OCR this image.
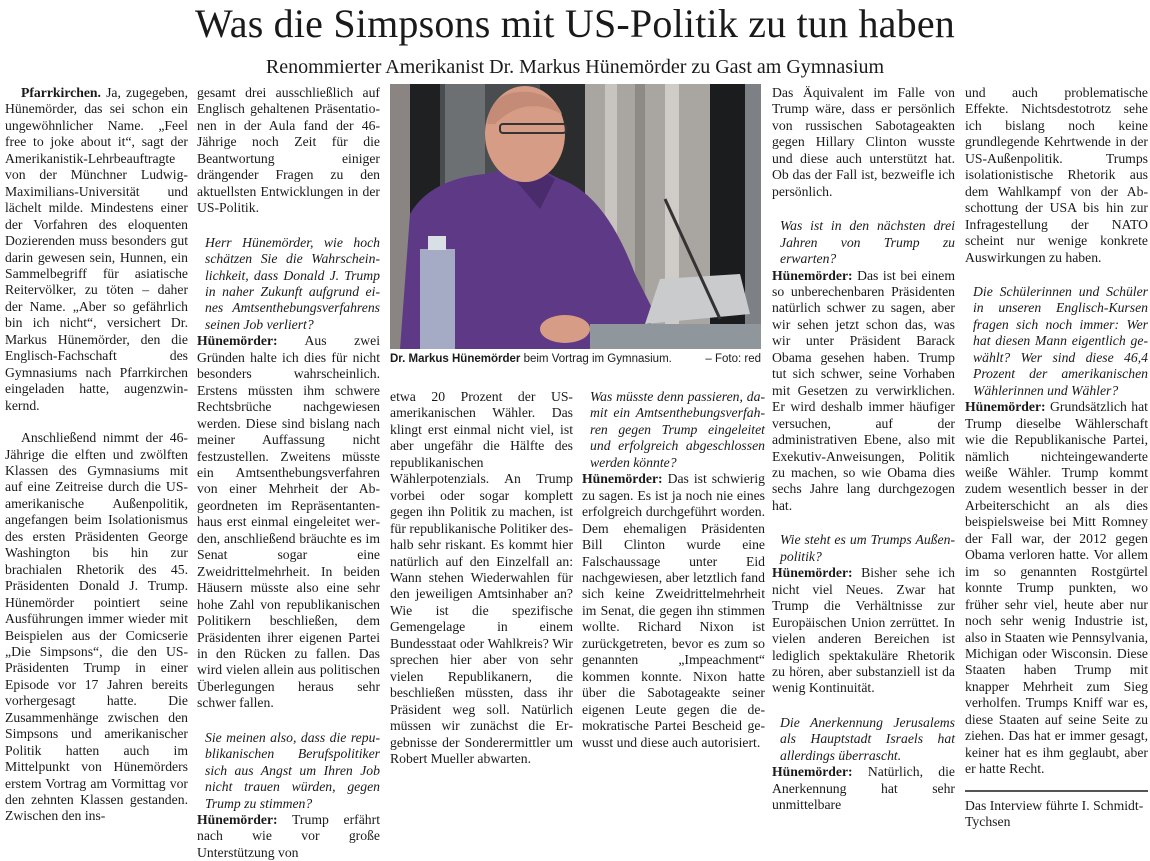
Was die Simpsons mit US-Politik zu tun haben
Renommierter Amerikanist Dr. Markus Hünemörder zu Gast am Gymnasium

Pfarrkirchen. Ja, zugegeben, Hünemörder, das sei schon ein ungewöhnlicher Name. „Feel free to joke about it“, sagt der Amerikanistik-Lehrbeauftragte von der Münchner Ludwig-Maximilians-Universität und lächelt milde. Mindestens einer der Vorfahren des eloquenten Dozierenden muss besonders gut darin gewesen sein, Hunnen, ein Sammelbegriff für asiatische Reitervölker, zu töten – daher der Name. „Aber so gefährlich bin ich nicht“, versichert Dr. Markus Hünemörder, den die Englisch-Fachschaft des Gymnasiums nach Pfarrkirchen eingeladen hatte, augenzwinkernd.

Anschließend nimmt der 46-Jährige die elften und zwölften Klassen des Gymnasiums mit auf eine Zeitreise durch die US-amerikanische Außenpolitik, angefangen beim Isolationismus des ersten Präsidenten George Washington bis hin zur brachialen Rhetorik des 45. Präsidenten Donald J. Trump. Hünemörder pointiert seine Ausführungen immer wieder mit Beispielen aus der Comicserie „Die Simpsons“, die den US-Präsidenten Trump in einer Episode vor 17 Jahren bereits vorhergesagt hatte. Die Zusammenhänge zwischen den Simpsons und amerikanischer Politik hatten auch im Mittelpunkt von Hünemörders erstem Vortrag am Vormittag vor den zehnten Klassen gestanden. Zwischen den ins-

gesamt drei ausschließlich auf Englisch gehaltenen Präsentationen in der Aula fand der 46-Jährige noch Zeit für die Beantwortung einiger drängender Fragen zu den aktuellsten Entwicklungen in der US-Politik.

Herr Hünemörder, wie hoch schätzen Sie die Wahrscheinlichkeit, dass Donald J. Trump in naher Zukunft aufgrund eines Amtsenthebungsverfahrens seinen Job verliert?

Hünemörder: Aus zwei Gründen halte ich dies für nicht besonders wahrscheinlich. Erstens müssten ihm schwere Rechtsbrüche nachgewiesen werden. Diese sind bislang nach meiner Auffassung nicht festzustellen. Zweitens müsste ein Amtsenthebungsverfahren von einer Mehrheit der Abgeordneten im Repräsentantenhaus erst einmal eingeleitet werden, anschließend bräuchte es im Senat sogar eine Zweidrittelmehrheit. In beiden Häusern müsste also eine sehr hohe Zahl von republikanischen Politikern beschließen, dem Präsidenten ihrer eigenen Partei in den Rücken zu fallen. Das wird vielen allein aus politischen Überlegungen heraus sehr schwer fallen.

Sie meinen also, dass die republikanischen Berufspolitiker sich aus Angst um Ihren Job nicht trauen würden, gegen Trump zu stimmen?

Hünemörder: Trump erfährt nach wie vor große Unterstützung von

Dr. Markus Hünemörder beim Vortrag im Gymnasium.	– Foto: red

etwa 20 Prozent der US-amerikanischen Wähler. Das klingt erst einmal nicht viel, ist aber ungefähr die Hälfte des republikanischen Wählerpotenzials. An Trump vorbei oder sogar komplett gegen ihn Politik zu machen, ist für republikanische Politiker deshalb sehr riskant. Es kommt hier natürlich auf den Einzelfall an: Wann stehen Wiederwahlen für den jeweiligen Amtsinhaber an? Wie ist die spezifische Gemengelage in einem Bundesstaat oder Wahlkreis? Wir sprechen hier aber von sehr vielen Republikanern, die beschließen müssten, dass ihr Präsident weg soll. Natürlich müssen wir zunächst die Ergebnisse der Sonderermittler um Robert Mueller abwarten.

Was müsste denn passieren, damit ein Amtsenthebungsverfahren gegen Trump eingeleitet und erfolgreich abgeschlossen werden könnte?

Hünemörder: Das ist schwierig zu sagen. Es ist ja noch nie eines erfolgreich durchgeführt worden. Dem ehemaligen Präsidenten Bill Clinton wurde eine Falschaussage unter Eid nachgewiesen, aber letztlich fand sich keine Zweidrittelmehrheit im Senat, die gegen ihn stimmen wollte. Richard Nixon ist zurückgetreten, bevor es zum so genannten „Impeachment“ kommen konnte. Nixon hatte über die Sabotageakte seiner eigenen Leute gegen die demokratische Partei Bescheid gewusst und diese auch autorisiert.

Das Äquivalent im Falle von Trump wäre, dass er persönlich von russischen Sabotageakten gegen Hillary Clinton wusste und diese auch unterstützt hat. Ob das der Fall ist, bezweifle ich persönlich.

Was ist in den nächsten drei Jahren von Trump zu erwarten?

Hünemörder: Das ist bei einem so unberechenbaren Präsidenten natürlich schwer zu sagen, aber wir sehen jetzt schon das, was wir unter Präsident Barack Obama gesehen haben. Trump tut sich schwer, seine Vorhaben mit Gesetzen zu verwirklichen. Er wird deshalb immer häufiger versuchen, auf der administrativen Ebene, also mit Exekutiv-Anweisungen, Politik zu machen, so wie Obama dies sechs Jahre lang durchgezogen hat.

Wie steht es um Trumps Außenpolitik?

Hünemörder: Bisher sehe ich nicht viel Neues. Zwar hat Trump die Verhältnisse zur Europäischen Union zerrüttet. In vielen anderen Bereichen ist lediglich spektakuläre Rhetorik zu hören, aber substanziell ist da wenig Kontinuität.

Die Anerkennung Jerusalems als Hauptstadt Israels hat allerdings überrascht.

Hünemörder: Natürlich, die Anerkennung hat sehr unmittelbare

und auch problematische Effekte. Nichtsdestotrotz sehe ich bislang noch keine grundlegende Kehrtwende in der US-Außenpolitik. Trumps isolationistische Rhetorik aus dem Wahlkampf von der Abschottung der USA bis hin zur Infragestellung der NATO scheint nur wenige konkrete Auswirkungen zu haben.

Die Schülerinnen und Schüler in unseren Englisch-Kursen fragen sich noch immer: Wer hat diesen Mann eigentlich gewählt? Wer sind diese 46,4 Prozent der amerikanischen Wählerinnen und Wähler?

Hünemörder: Grundsätzlich hat Trump dieselbe Wählerschaft wie die Republikanische Partei, nämlich nichteingewanderte weiße Wähler. Trump kommt zudem wesentlich besser in der Arbeiterschicht an als dies beispielsweise bei Mitt Romney der Fall war, der 2012 gegen Obama verloren hatte. Vor allem im so genannten Rostgürtel konnte Trump punkten, wo früher sehr viel, heute aber nur noch sehr wenig Industrie ist, also in Staaten wie Pennsylvania, Michigan oder Wisconsin. Diese Staaten haben Trump mit knapper Mehrheit zum Sieg verholfen. Trumps Kniff war es, diese Staaten auf seine Seite zu ziehen. Das hat er immer gesagt, keiner hat es ihm geglaubt, aber er hatte Recht.

Das Interview führte I. Schmidt-Tychsen
